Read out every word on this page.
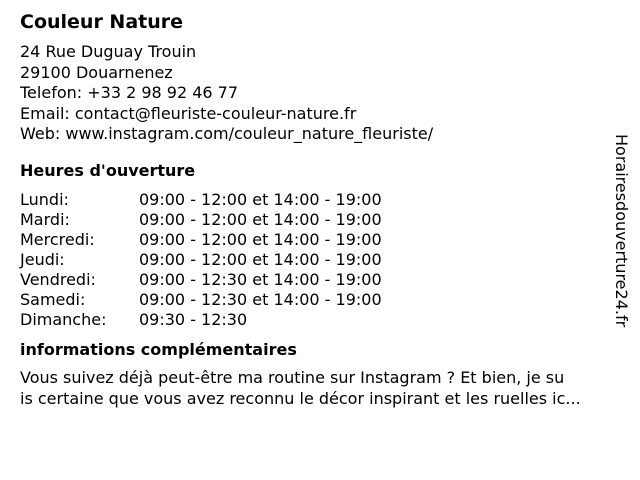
Couleur Nature
24 Rue Duguay Trouin
29100 Douarnenez
Telefon: +33 2 98 92 46 77
Email: contact@fleuriste-couleur-nature.fr
Web: www.instagram.com/couleur_nature_fleuriste/
Heures d'ouverture
Lundi:	09:00 - 12:00 et 14:00 - 19:00
Mardi:	09:00 - 12:00 et 14:00 - 19:00
Mercredi:	09:00 - 12:00 et 14:00 - 19:00
Jeudi:	09:00 - 12:00 et 14:00 - 19:00
Vendredi:	09:00 - 12:30 et 14:00 - 19:00
Samedi:	09:00 - 12:30 et 14:00 - 19:00
Dimanche: 09:30 - 12:30
informations complémentaires
Vous suivez déjà peut-être ma routine sur Instagram ? Et bien, je su
is certaine que vous avez reconnu le décor inspirant et les ruelles ic...
Horairesdouverture24.fr
